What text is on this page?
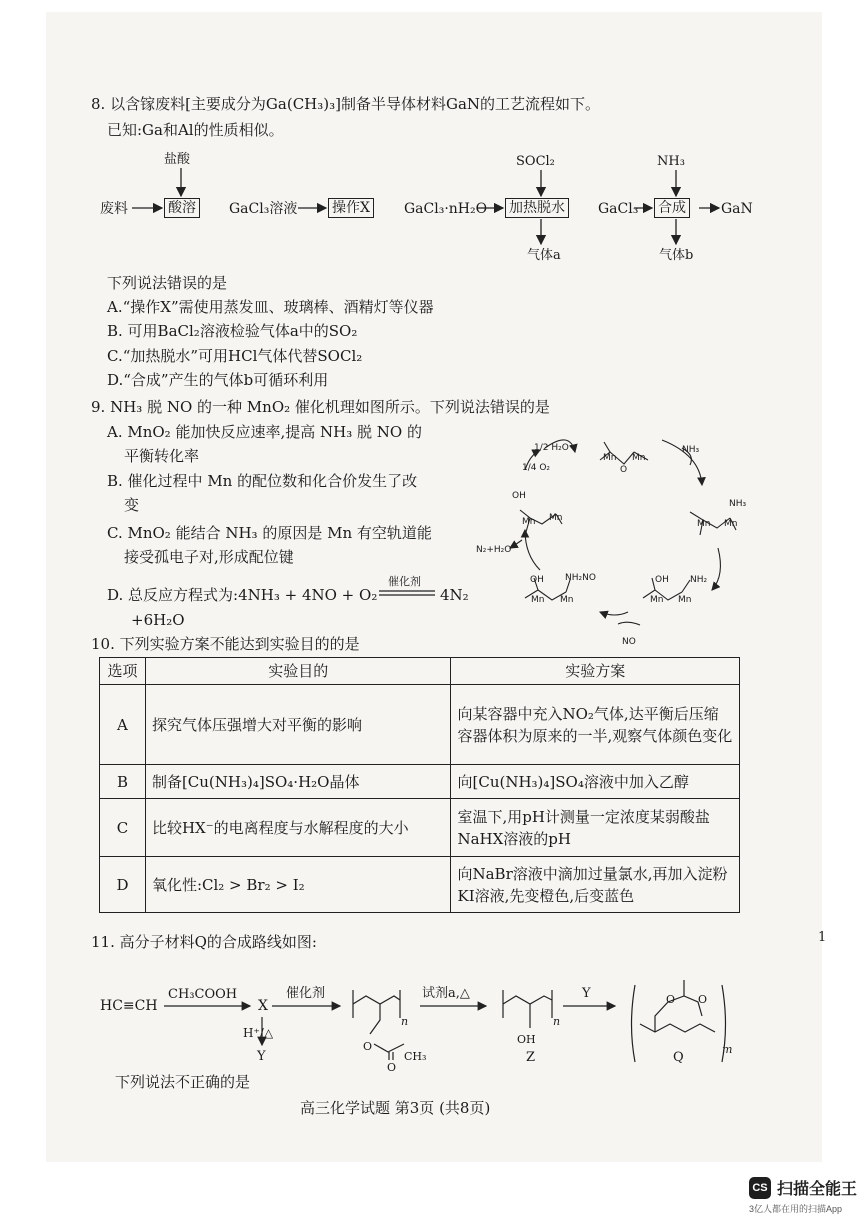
8. 以含镓废料[主要成分为Ga(CH₃)₃]制备半导体材料GaN的工艺流程如下。
已知:Ga和Al的性质相似。
盐酸	SOCl₂	NH₃
废料	酸溶 GaCl₃溶液 操作X GaCl₃·nH₂O 加热脱水 GaCl₃ 合成	GaN
气体a	气体b
下列说法错误的是
A.“操作X”需使用蒸发皿、玻璃棒、酒精灯等仪器
B. 可用BaCl₂溶液检验气体a中的SO₂
C.“加热脱水”可用HCl气体代替SOCl₂
D.“合成”产生的气体b可循环利用
9. NH₃ 脱 NO 的一种 MnO₂ 催化机理如图所示。下列说法错误的是
A. MnO₂ 能加快反应速率,提高 NH₃ 脱 NO 的
平衡转化率
B. 催化过程中 Mn 的配位数和化合价发生了改
变
C. MnO₂ 能结合 NH₃ 的原因是 Mn 有空轨道能
接受孤电子对,形成配位键
D. 总反应方程式为:4NH₃ + 4NO + O₂
催化剂
4N₂
+6H₂O
1/2 H₂O
1/4 O₂
NH₃
NO
N₂+H₂O
Mn Mn
O
OH
Mn Mn
NH₃
Mn Mn
OH NH₂NO
Mn Mn
OH NH₂
Mn Mn
10. 下列实验方案不能达到实验目的的是
选项	实验目的	实验方案
A	探究气体压强增大对平衡的影响	向某容器中充入NO₂气体,达平衡后压缩容器体积为原来的一半,观察气体颜色变化
B	制备[Cu(NH₃)₄]SO₄·H₂O晶体	向[Cu(NH₃)₄]SO₄溶液中加入乙醇
C	比较HX⁻的电离程度与水解程度的大小	室温下,用pH计测量一定浓度某弱酸盐NaHX溶液的pH
D	氧化性:Cl₂ > Br₂ > I₂	向NaBr溶液中滴加过量氯水,再加入淀粉KI溶液,先变橙色,后变蓝色
11. 高分子材料Q的合成路线如图:	1
HC≡CH
CH₃COOH
X
催化剂
H⁺/△
Y
试剂a,△	Y
n	n
m
CH₃
O
O
OH
Z
O O
Q
下列说法不正确的是
高三化学试题 第3页 (共8页)
CS 扫描全能王
3亿人都在用的扫描App
